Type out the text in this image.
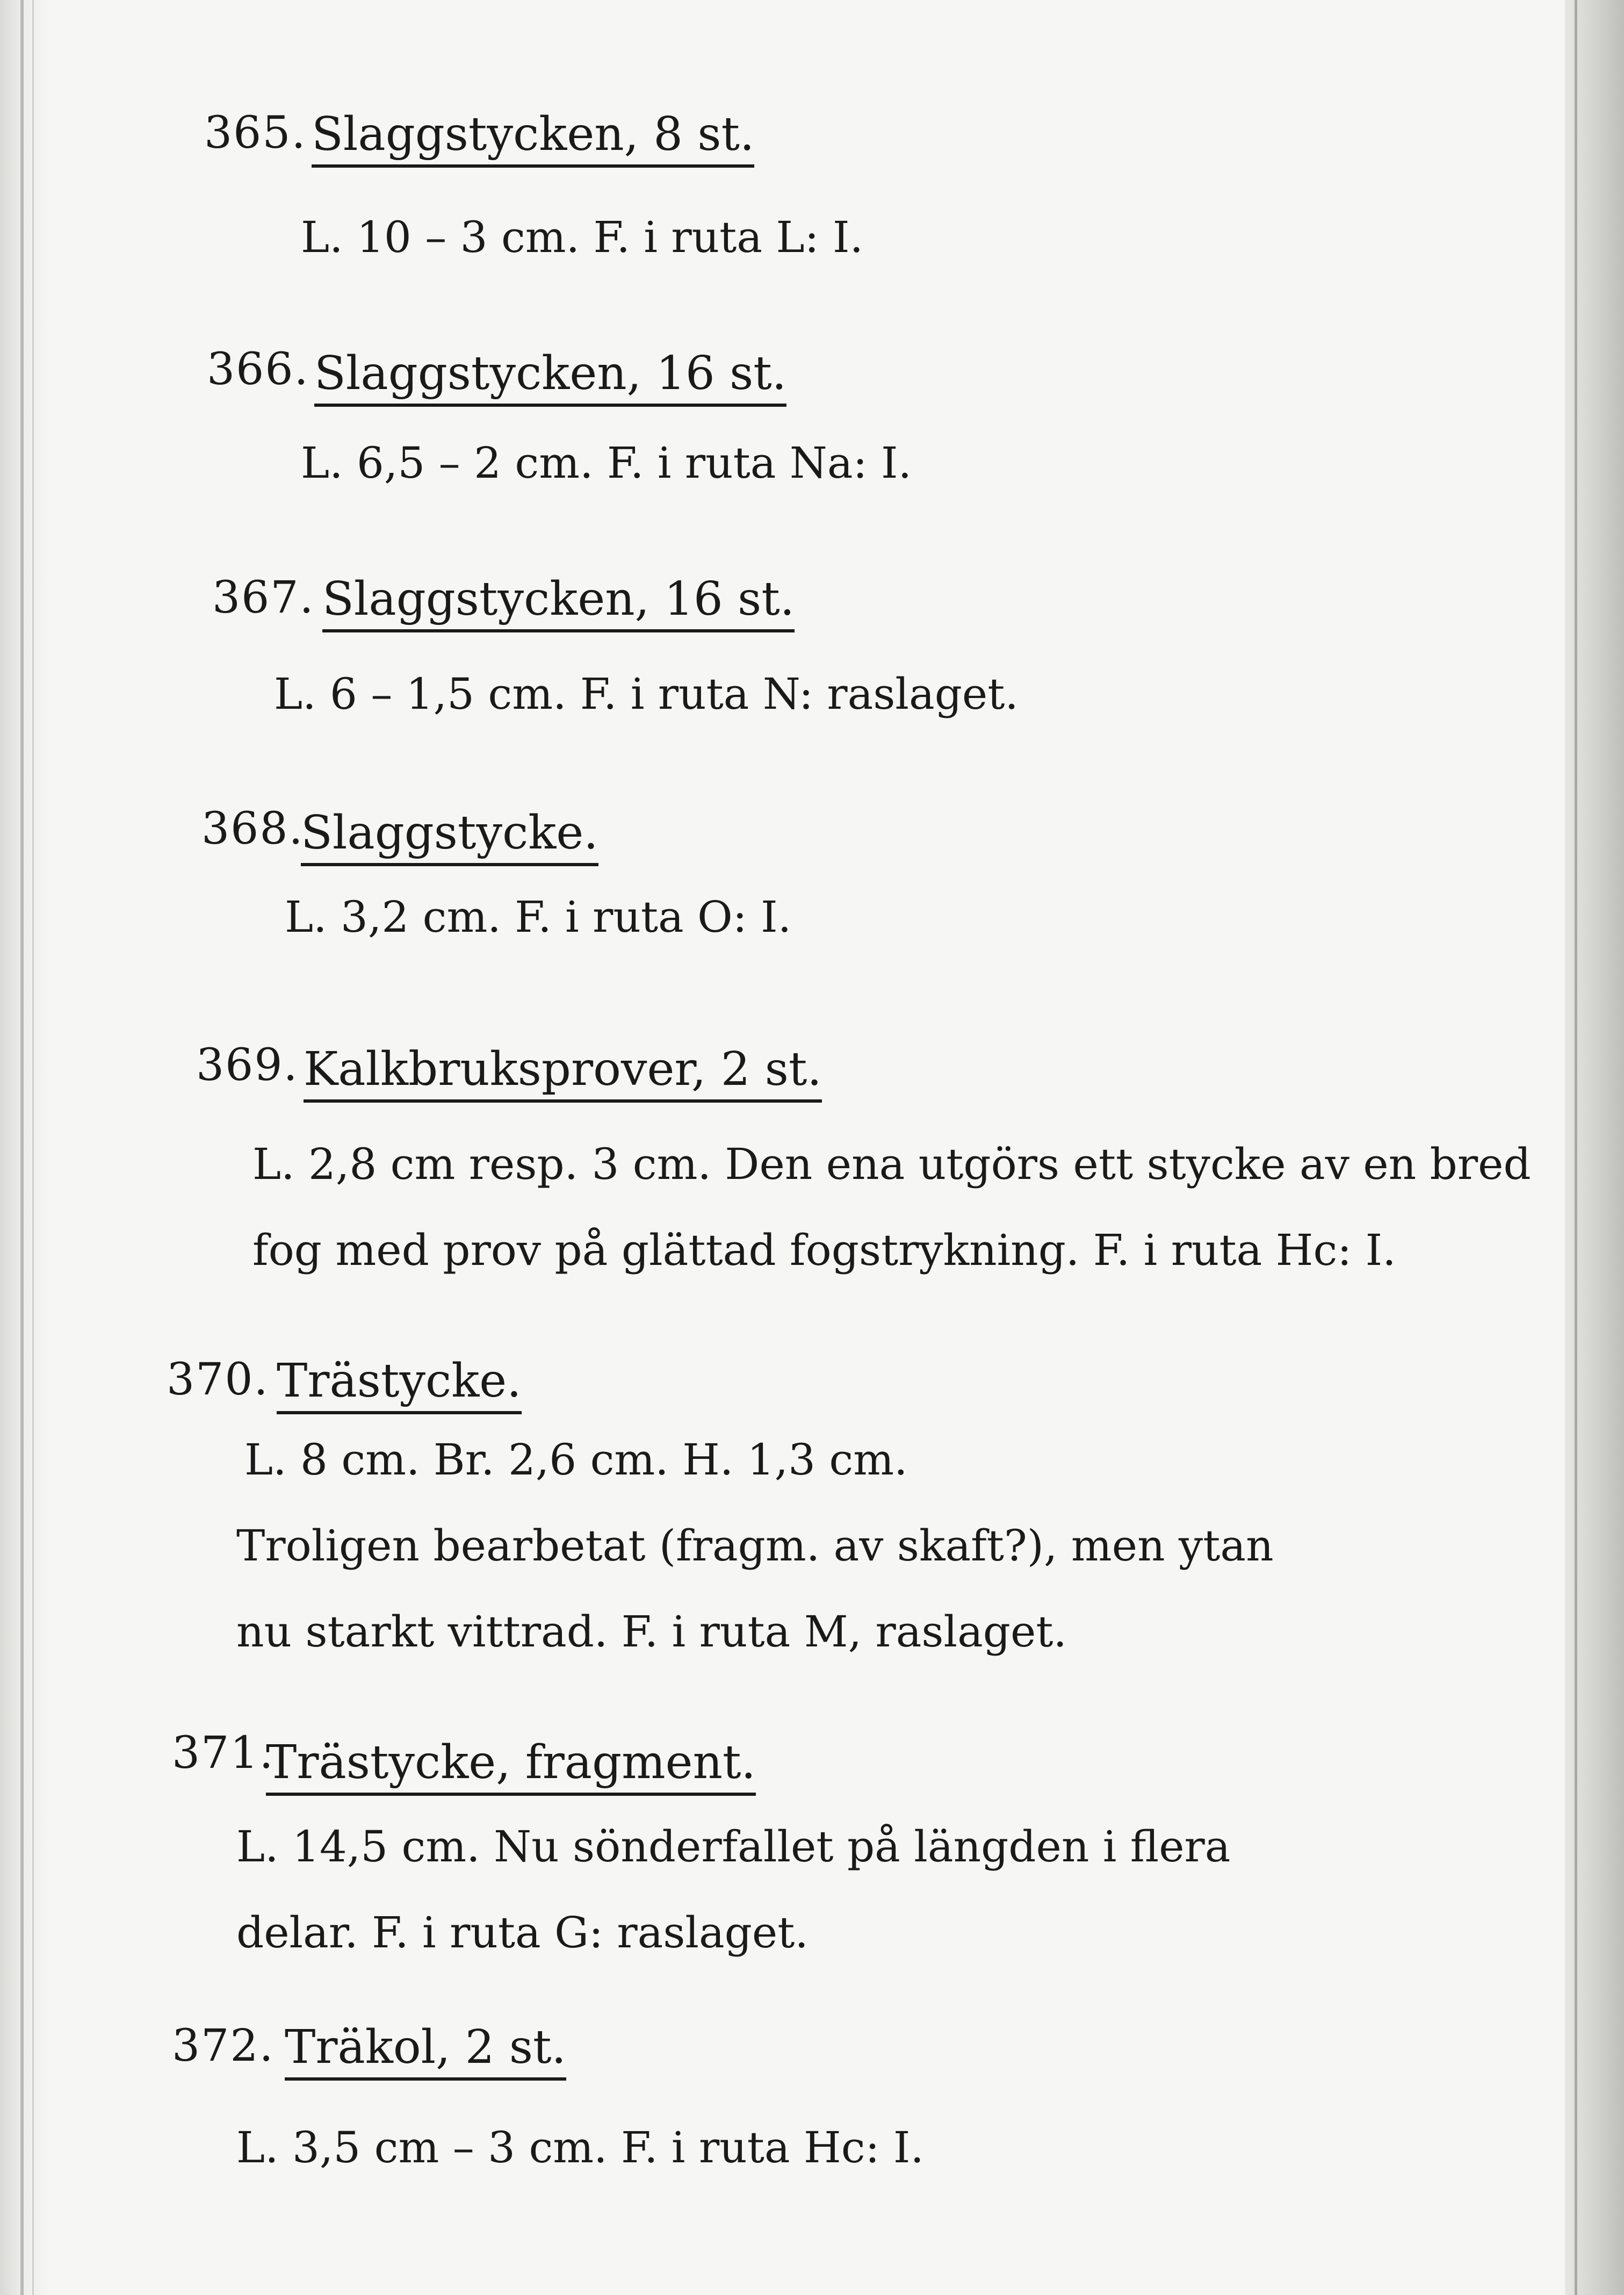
365. Slaggstycken, 8 st.
L. 10 – 3 cm. F. i ruta L: I.
366. Slaggstycken, 16 st.
L. 6,5 – 2 cm. F. i ruta Na: I.
367. Slaggstycken, 16 st.
L. 6 – 1,5 cm. F. i ruta N: raslaget.
368.
Slaggstycke.
L. 3,2 cm. F. i ruta O: I.
369. Kalkbruksprover, 2 st.
L. 2,8 cm resp. 3 cm. Den ena utgörs ett stycke av en bred
fog med prov på glättad fogstrykning. F. i ruta Hc: I.
370. Trästycke.
L. 8 cm. Br. 2,6 cm. H. 1,3 cm.
Troligen bearbetat (fragm. av skaft?), men ytan
nu starkt vittrad. F. i ruta M, raslaget.
371.
Trästycke, fragment.
L. 14,5 cm. Nu sönderfallet på längden i flera
delar. F. i ruta G: raslaget.
372. Träkol, 2 st.
L. 3,5 cm – 3 cm. F. i ruta Hc: I.
